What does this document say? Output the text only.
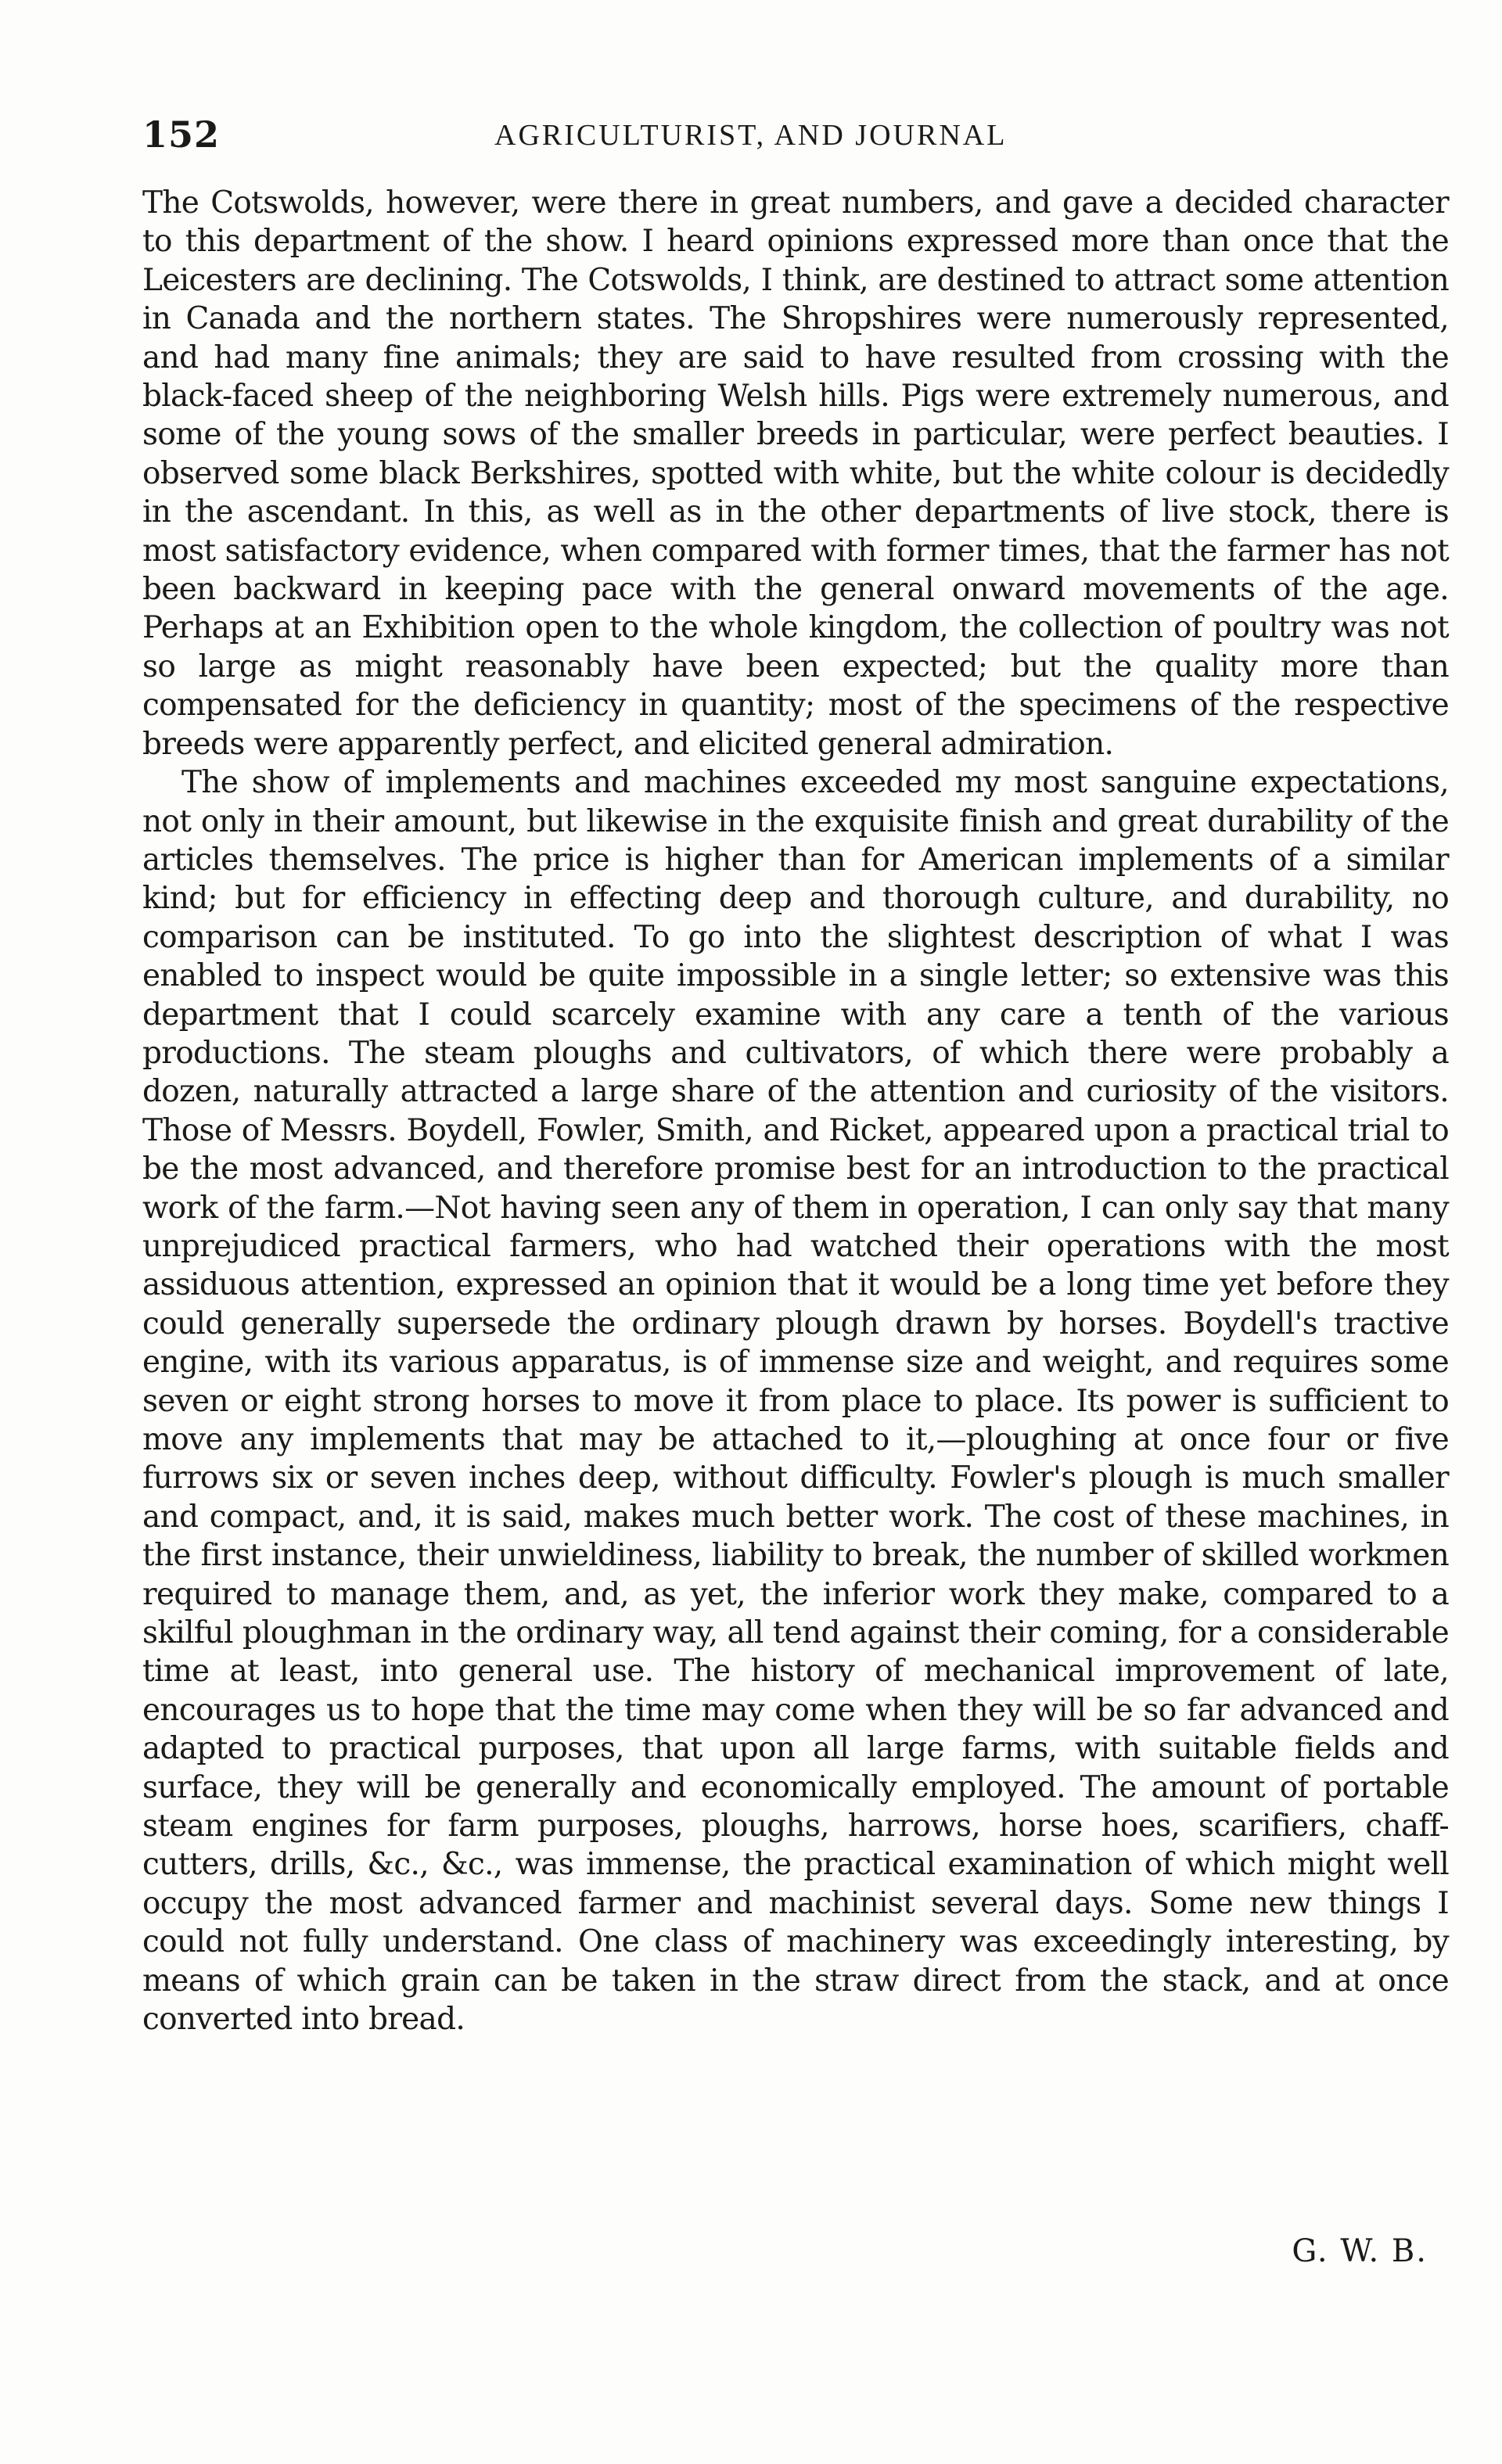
152	AGRICULTURIST, AND JOURNAL

The Cotswolds, however, were there in great numbers, and gave a decided character to this department of the show. I heard opinions expressed more than once that the Leicesters are declining. The Cotswolds, I think, are destined to attract some attention in Canada and the northern states. The Shropshires were numerously represented, and had many fine animals; they are said to have resulted from crossing with the black-faced sheep of the neighboring Welsh hills. Pigs were extremely numerous, and some of the young sows of the smaller breeds in particular, were perfect beauties. I observed some black Berkshires, spotted with white, but the white colour is decidedly in the ascendant. In this, as well as in the other departments of live stock, there is most satisfactory evidence, when compared with former times, that the farmer has not been backward in keeping pace with the general onward movements of the age. Perhaps at an Exhibition open to the whole kingdom, the collection of poultry was not so large as might reasonably have been expected; but the quality more than compensated for the deficiency in quantity; most of the specimens of the respective breeds were apparently perfect, and elicited general admiration.

The show of implements and machines exceeded my most sanguine expectations, not only in their amount, but likewise in the exquisite finish and great durability of the articles themselves. The price is higher than for American implements of a similar kind; but for efficiency in effecting deep and thorough culture, and durability, no comparison can be instituted. To go into the slightest description of what I was enabled to inspect would be quite impossible in a single letter; so extensive was this department that I could scarcely examine with any care a tenth of the various productions. The steam ploughs and cultivators, of which there were probably a dozen, naturally attracted a large share of the attention and curiosity of the visitors. Those of Messrs. Boydell, Fowler, Smith, and Ricket, appeared upon a practical trial to be the most advanced, and therefore promise best for an introduction to the practical work of the farm.—Not having seen any of them in operation, I can only say that many unprejudiced practical farmers, who had watched their operations with the most assiduous attention, expressed an opinion that it would be a long time yet before they could generally supersede the ordinary plough drawn by horses. Boydell's tractive engine, with its various apparatus, is of immense size and weight, and requires some seven or eight strong horses to move it from place to place. Its power is sufficient to move any implements that may be attached to it,—ploughing at once four or five furrows six or seven inches deep, without difficulty. Fowler's plough is much smaller and compact, and, it is said, makes much better work. The cost of these machines, in the first instance, their unwieldiness, liability to break, the number of skilled workmen required to manage them, and, as yet, the inferior work they make, compared to a skilful ploughman in the ordinary way, all tend against their coming, for a considerable time at least, into general use. The history of mechanical improvement of late, encourages us to hope that the time may come when they will be so far advanced and adapted to practical purposes, that upon all large farms, with suitable fields and surface, they will be generally and economically employed. The amount of portable steam engines for farm purposes, ploughs, harrows, horse hoes, scarifiers, chaff-cutters, drills, &c., &c., was immense, the practical examination of which might well occupy the most advanced farmer and machinist several days. Some new things I could not fully understand. One class of machinery was exceedingly interesting, by means of which grain can be taken in the straw direct from the stack, and at once converted into bread.

G. W. B.
